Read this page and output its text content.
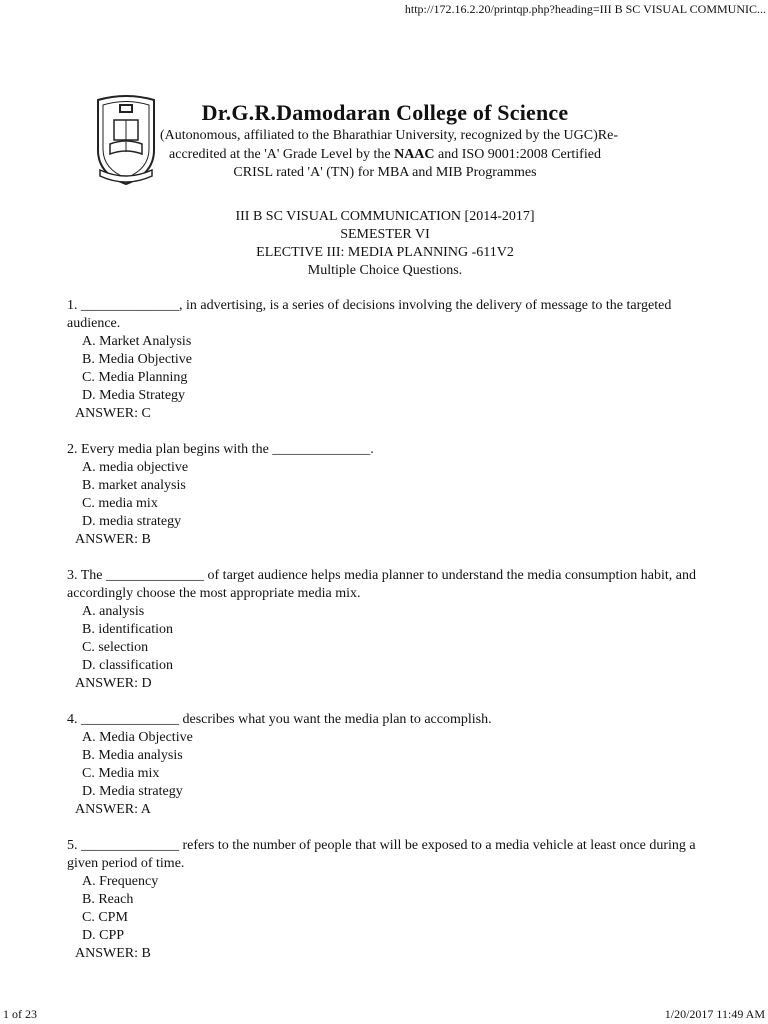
http://172.16.2.20/printqp.php?heading=III B SC VISUAL COMMUNIC...
Dr.G.R.Damodaran College of Science
(Autonomous, affiliated to the Bharathiar University, recognized by the UGC)Re-
accredited at the 'A' Grade Level by the NAAC and ISO 9001:2008 Certified
CRISL rated 'A' (TN) for MBA and MIB Programmes
III B SC VISUAL COMMUNICATION [2014-2017]
SEMESTER VI
ELECTIVE III: MEDIA PLANNING -611V2
Multiple Choice Questions.
1. ______________, in advertising, is a series of decisions involving the delivery of message to the targeted audience.
A. Market Analysis
B. Media Objective
C. Media Planning
D. Media Strategy
ANSWER: C
2. Every media plan begins with the ______________.
A. media objective
B. market analysis
C. media mix
D. media strategy
ANSWER: B
3. The ______________ of target audience helps media planner to understand the media consumption habit, and accordingly choose the most appropriate media mix.
A. analysis
B. identification
C. selection
D. classification
ANSWER: D
4. ______________ describes what you want the media plan to accomplish.
A. Media Objective
B. Media analysis
C. Media mix
D. Media strategy
ANSWER: A
5. ______________ refers to the number of people that will be exposed to a media vehicle at least once during a given period of time.
A. Frequency
B. Reach
C. CPM
D. CPP
ANSWER: B
1 of 23	1/20/2017 11:49 AM
